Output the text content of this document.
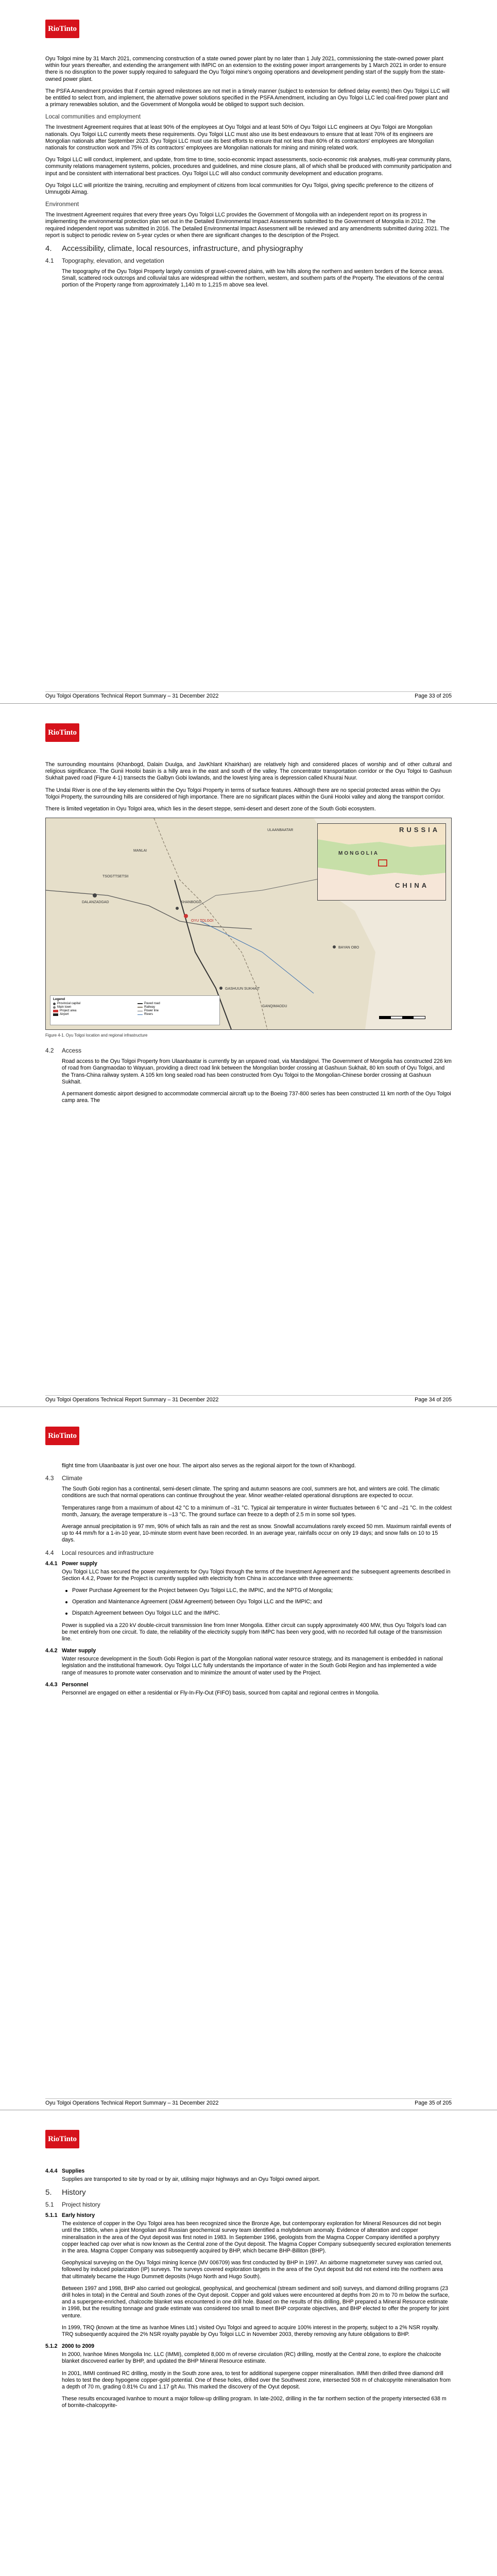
RioTinto

Oyu Tolgoi mine by 31 March 2021, commencing construction of a state owned power plant by no later than 1 July 2021, commissioning the state-owned power plant within four years thereafter, and extending the arrangement with IMPIC on an extension to the existing power import arrangements by 1 March 2021 in order to ensure there is no disruption to the power supply required to safeguard the Oyu Tolgoi mine's ongoing operations and development pending start of the supply from the state-owned power plant.

The PSFA Amendment provides that if certain agreed milestones are not met in a timely manner (subject to extension for defined delay events) then Oyu Tolgoi LLC will be entitled to select from, and implement, the alternative power solutions specified in the PSFA Amendment, including an Oyu Tolgoi LLC led coal-fired power plant and a primary renewables solution, and the Government of Mongolia would be obliged to support such decision.

Local communities and employment

The Investment Agreement requires that at least 90% of the employees at Oyu Tolgoi and at least 50% of Oyu Tolgoi LLC engineers at Oyu Tolgoi are Mongolian nationals. Oyu Tolgoi LLC currently meets these requirements. Oyu Tolgoi LLC must also use its best endeavours to ensure that at least 70% of its engineers are Mongolian nationals after September 2023. Oyu Tolgoi LLC must use its best efforts to ensure that not less than 60% of its contractors' employees are Mongolian nationals for construction work and 75% of its contractors' employees are Mongolian nationals for mining and mining related work.

Oyu Tolgoi LLC will conduct, implement, and update, from time to time, socio-economic impact assessments, socio-economic risk analyses, multi-year community plans, community relations management systems, policies, procedures and guidelines, and mine closure plans, all of which shall be produced with community participation and input and be consistent with international best practices. Oyu Tolgoi LLC will also conduct community development and education programs.

Oyu Tolgoi LLC will prioritize the training, recruiting and employment of citizens from local communities for Oyu Tolgoi, giving specific preference to the citizens of Umnugobi Aimag.

Environment

The Investment Agreement requires that every three years Oyu Tolgoi LLC provides the Government of Mongolia with an independent report on its progress in implementing the environmental protection plan set out in the Detailed Environmental Impact Assessments submitted to the Government of Mongolia in 2012. The required independent report was submitted in 2016. The Detailed Environmental Impact Assessment will be reviewed and any amendments submitted during 2021. The report is subject to periodic review on 5-year cycles or when there are significant changes to the description of the Project.

4.	Accessibility, climate, local resources, infrastructure, and physiography
4.1	Topography, elevation, and vegetation

The topography of the Oyu Tolgoi Property largely consists of gravel-covered plains, with low hills along the northern and western borders of the licence areas. Small, scattered rock outcrops and colluvial talus are widespread within the northern, western, and southern parts of the Property. The elevations of the central portion of the Property range from approximately 1,140 m to 1,215 m above sea level.

Oyu Tolgoi Operations Technical Report Summary – 31 December 2022	Page 33 of 205
RioTinto

The surrounding mountains (Khanbogd, Dalain Duulga, and JavKhlant Khairkhan) are relatively high and considered places of worship and of other cultural and religious significance. The Gunii Hooloi basin is a hilly area in the east and south of the valley. The concentrator transportation corridor or the Oyu Tolgoi to Gashuun Sukhait paved road (Figure 4-1) transects the Galbyn Gobi lowlands, and the lowest lying area is depression called Khuurai Nuur.

The Undai River is one of the key elements within the Oyu Tolgoi Property in terms of surface features. Although there are no special protected areas within the Oyu Tolgoi Property, the surrounding hills are considered of high importance. There are no significant places within the Gunii Hooloi valley and along the transport corridor.

There is limited vegetation in Oyu Tolgoi area, which lies in the desert steppe, semi-desert and desert zone of the South Gobi ecosystem.

DALANZADGAD	KHANBOGD
OYU TOLGOI
MANLAI
TSOGTTSETSII
GASHUUN SUKHAIT
GANQIMAODU
BAYAN OBO
ULAANBAATAR	RUSSIA
MONGOLIA
CHINA
Legend
Provincial capital	Paved road
Main town	Railway
Project area	Power line
Airport	Rivers
Figure 4-1. Oyu Tolgoi location and regional infrastructure
4.2	Access

Road access to the Oyu Tolgoi Property from Ulaanbaatar is currently by an unpaved road, via Mandalgovi. The Government of Mongolia has constructed 226 km of road from Gangmaodao to Wayuan, providing a direct road link between the Mongolian border crossing at Gashuun Sukhait, 80 km south of Oyu Tolgoi, and the Trans-China railway system. A 105 km long sealed road has been constructed from Oyu Tolgoi to the Mongolian-Chinese border crossing at Gashuun Sukhait.

A permanent domestic airport designed to accommodate commercial aircraft up to the Boeing 737-800 series has been constructed 11 km north of the Oyu Tolgoi camp area. The

Oyu Tolgoi Operations Technical Report Summary – 31 December 2022	Page 34 of 205
RioTinto

flight time from Ulaanbaatar is just over one hour. The airport also serves as the regional airport for the town of Khanbogd.

4.3	Climate

The South Gobi region has a continental, semi-desert climate. The spring and autumn seasons are cool, summers are hot, and winters are cold. The climatic conditions are such that normal operations can continue throughout the year. Minor weather-related operational disruptions are expected to occur.

Temperatures range from a maximum of about 42 °C to a minimum of –31 °C. Typical air temperature in winter fluctuates between 6 °C and –21 °C. In the coldest month, January, the average temperature is –13 °C. The ground surface can freeze to a depth of 2.5 m in some soil types.

Average annual precipitation is 97 mm, 90% of which falls as rain and the rest as snow. Snowfall accumulations rarely exceed 50 mm. Maximum rainfall events of up to 44 mm/h for a 1-in-10 year, 10-minute storm event have been recorded. In an average year, rainfalls occur on only 19 days; and snow falls on 10 to 15 days.

4.4	Local resources and infrastructure
4.4.1 Power supply

Oyu Tolgoi LLC has secured the power requirements for Oyu Tolgoi through the terms of the Investment Agreement and the subsequent agreements described in Section 4.4.2, Power for the Project is currently supplied with electricity from China in accordance with three agreements:

Power Purchase Agreement for the Project between Oyu Tolgoi LLC, the IMPIC, and the NPTG of Mongolia;
Operation and Maintenance Agreement (O&M Agreement) between Oyu Tolgoi LLC and the IMPIC; and
Dispatch Agreement between Oyu Tolgoi LLC and the IMPIC.

Power is supplied via a 220 kV double-circuit transmission line from Inner Mongolia. Either circuit can supply approximately 400 MW, thus Oyu Tolgoi's load can be met entirely from one circuit. To date, the reliability of the electricity supply from IMPC has been very good, with no recorded full outage of the transmission line.

4.4.2 Water supply

Water resource development in the South Gobi Region is part of the Mongolian national water resource strategy, and its management is embedded in national legislation and the institutional framework. Oyu Tolgoi LLC fully understands the importance of water in the South Gobi Region and has implemented a wide range of measures to promote water conservation and to minimize the amount of water used by the Project.

4.4.3 Personnel

Personnel are engaged on either a residential or Fly-In-Fly-Out (FIFO) basis, sourced from capital and regional centres in Mongolia.

Oyu Tolgoi Operations Technical Report Summary – 31 December 2022	Page 35 of 205
RioTinto
4.4.4 Supplies

Supplies are transported to site by road or by air, utilising major highways and an Oyu Tolgoi owned airport.

5.	History
5.1	Project history
5.1.1 Early history

The existence of copper in the Oyu Tolgoi area has been recognized since the Bronze Age, but contemporary exploration for Mineral Resources did not begin until the 1980s, when a joint Mongolian and Russian geochemical survey team identified a molybdenum anomaly. Evidence of alteration and copper mineralisation in the area of the Oyut deposit was first noted in 1983. In September 1996, geologists from the Magma Copper Company identified a porphyry copper leached cap over what is now known as the Central zone of the Oyut deposit. The Magma Copper Company subsequently secured exploration tenements in the area. Magma Copper Company was subsequently acquired by BHP, which became BHP-Billiton (BHP).

Geophysical surveying on the Oyu Tolgoi mining licence (MV 006709) was first conducted by BHP in 1997. An airborne magnetometer survey was carried out, followed by induced polarization (IP) surveys. The surveys covered exploration targets in the area of the Oyut deposit but did not extend into the northern area that ultimately became the Hugo Dummett deposits (Hugo North and Hugo South).

Between 1997 and 1998, BHP also carried out geological, geophysical, and geochemical (stream sediment and soil) surveys, and diamond drilling programs (23 drill holes in total) in the Central and South zones of the Oyut deposit. Copper and gold values were encountered at depths from 20 m to 70 m below the surface, and a supergene-enriched, chalcocite blanket was encountered in one drill hole. Based on the results of this drilling, BHP prepared a Mineral Resource estimate in 1998, but the resulting tonnage and grade estimate was considered too small to meet BHP corporate objectives, and BHP elected to offer the property for joint venture.

In 1999, TRQ (known at the time as Ivanhoe Mines Ltd.) visited Oyu Tolgoi and agreed to acquire 100% interest in the property, subject to a 2% NSR royalty. TRQ subsequently acquired the 2% NSR royalty payable by Oyu Tolgoi LLC in November 2003, thereby removing any future obligations to BHP.

5.1.2 2000 to 2009

In 2000, Ivanhoe Mines Mongolia Inc. LLC (IMMI), completed 8,000 m of reverse circulation (RC) drilling, mostly at the Central zone, to explore the chalcocite blanket discovered earlier by BHP, and updated the BHP Mineral Resource estimate.

In 2001, IMMI continued RC drilling, mostly in the South zone area, to test for additional supergene copper mineralisation. IMMI then drilled three diamond drill holes to test the deep hypogene copper-gold potential. One of these holes, drilled over the Southwest zone, intersected 508 m of chalcopyrite mineralisation from a depth of 70 m, grading 0.81% Cu and 1.17 g/t Au. This marked the discovery of the Oyut deposit.

These results encouraged Ivanhoe to mount a major follow-up drilling program. In late-2002, drilling in the far northern section of the property intersected 638 m of bornite-chalcopyrite-
